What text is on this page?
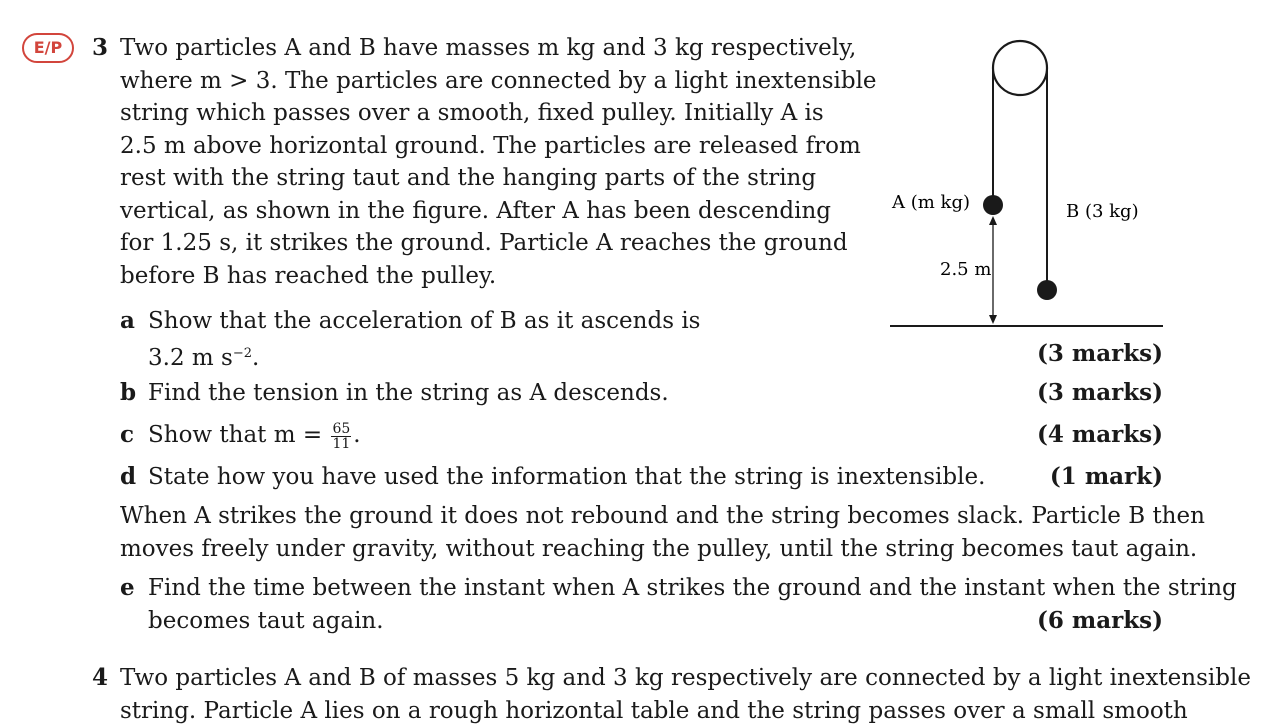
E/P	3 Two particles A and B have masses m kg and 3 kg respectively,
where m > 3. The particles are connected by a light inextensible
string which passes over a smooth, fixed pulley. Initially A is
2.5 m above horizontal ground. The particles are released from
rest with the string taut and the hanging parts of the string
vertical, as shown in the figure. After A has been descending
for 1.25 s, it strikes the ground. Particle A reaches the ground
before B has reached the pulley.
a Show that the acceleration of B as it ascends is
3.2 m $s^{-2}$.	(3 marks)
b Find the tension in the string as A descends.	(3 marks)
c Show that $m = \frac{65}{11}$ .	(4 marks)
d State how you have used the information that the string is inextensible.	(1 mark)
When A strikes the ground it does not rebound and the string becomes slack. Particle B then
moves freely under gravity, without reaching the pulley, until the string becomes taut again.
e Find the time between the instant when A strikes the ground and the instant when the string
becomes taut again.	(6 marks)
4 Two particles A and B of masses 5 kg and 3 kg respectively are connected by a light inextensible
string. Particle A lies on a rough horizontal table and the string passes over a small smooth
A (m kg)	B (3 kg)
2.5 m
